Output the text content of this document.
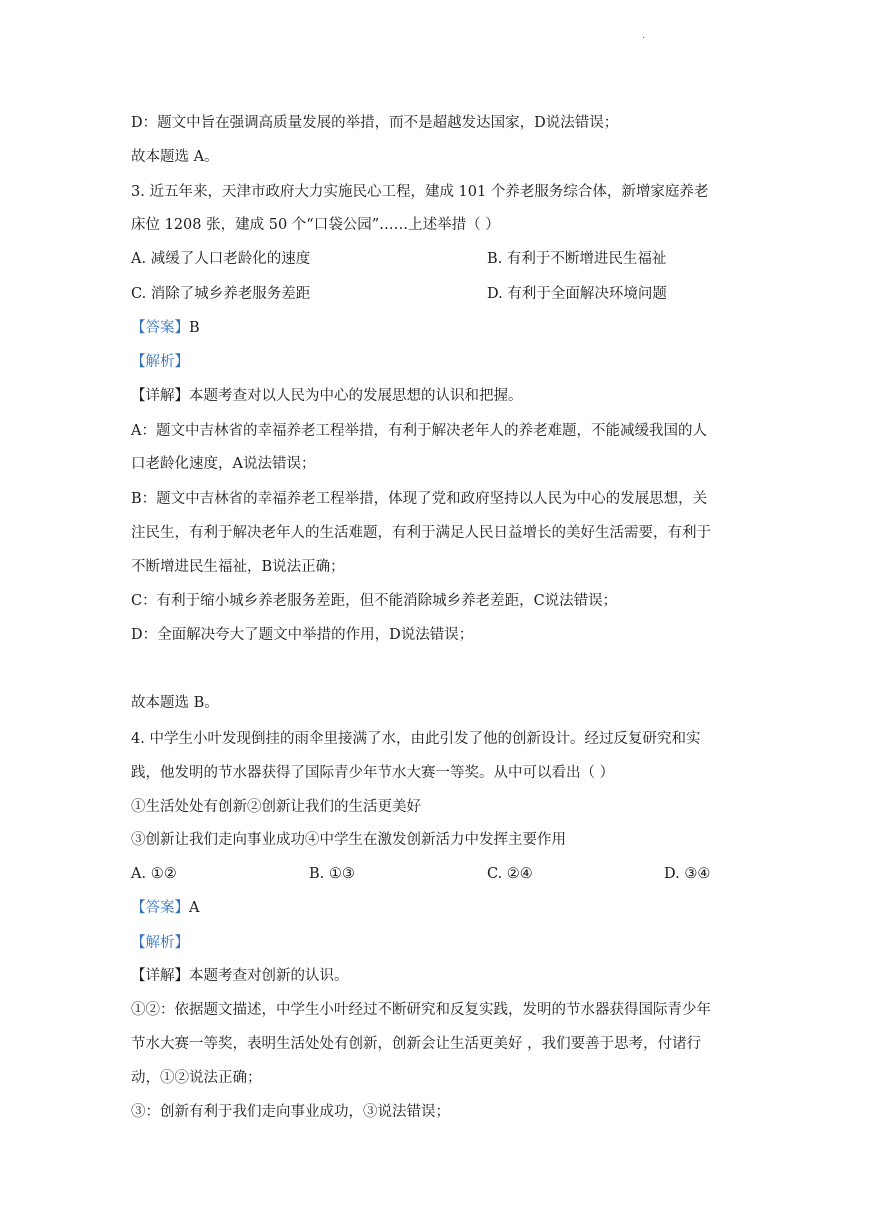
.
D：题文中旨在强调高质量发展的举措，而不是超越发达国家，D说法错误；
故本题选 A。
3. 近五年来，天津市政府大力实施民心工程，建成 101 个养老服务综合体，新增家庭养老
床位 1208 张，建成 50 个“口袋公园”……上述举措（ ）
A. 减缓了人口老龄化的速度	B. 有利于不断增进民生福祉
C. 消除了城乡养老服务差距	D. 有利于全面解决环境问题
【答案】B
【解析】
【详解】本题考查对以人民为中心的发展思想的认识和把握。
A：题文中吉林省的幸福养老工程举措，有利于解决老年人的养老难题，不能减缓我国的人
口老龄化速度，A说法错误；
B：题文中吉林省的幸福养老工程举措，体现了党和政府坚持以人民为中心的发展思想，关
注民生，有利于解决老年人的生活难题，有利于满足人民日益增长的美好生活需要，有利于
不断增进民生福祉，B说法正确；
C：有利于缩小城乡养老服务差距，但不能消除城乡养老差距，C说法错误；
D：全面解决夸大了题文中举措的作用，D说法错误；
故本题选 B。
4. 中学生小叶发现倒挂的雨伞里接满了水，由此引发了他的创新设计。经过反复研究和实
践，他发明的节水器获得了国际青少年节水大赛一等奖。从中可以看出（ ）
①生活处处有创新②创新让我们的生活更美好
③创新让我们走向事业成功④中学生在激发创新活力中发挥主要作用
A. ①②	B. ①③	C. ②④	D. ③④
【答案】A
【解析】
【详解】本题考查对创新的认识。
①②：依据题文描述，中学生小叶经过不断研究和反复实践，发明的节水器获得国际青少年
节水大赛一等奖，表明生活处处有创新，创新会让生活更美好 ，我们要善于思考，付诸行
动，①②说法正确；
③：创新有利于我们走向事业成功，③说法错误；
